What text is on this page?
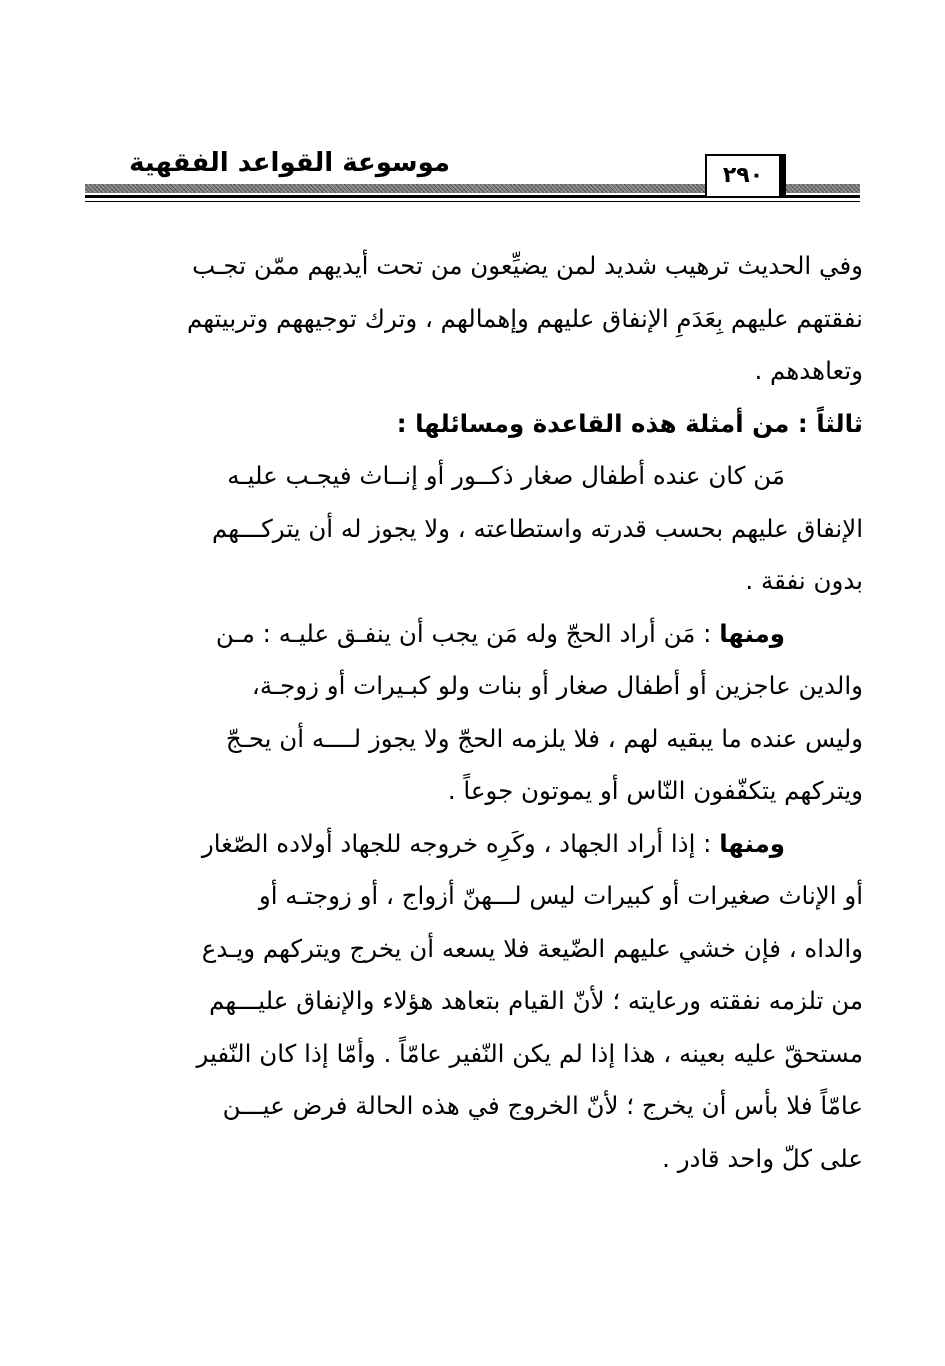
موسوعة القواعد الفقهية	٢٩٠
وفي الحديث ترهيب شديد لمن يضيِّعون من تحت أيديهم ممّن تجـب
نفقتهم عليهم بِعَدَمِ الإنفاق عليهم وإهمالهم ، وترك توجيههم وتربيتهم
وتعاهدهم .
ثالثاً : من أمثلة هذه القاعدة ومسائلها :
مَن كان عنده أطفال صغار ذكــور أو إنــاث فيجـب عليـه
الإنفاق عليهم بحسب قدرته واستطاعته ، ولا يجوز له أن يتركـــهم
بدون نفقة .
ومنها : مَن أراد الحجّ وله مَن يجب أن ينفـق عليـه : مـن
والدين عاجزين أو أطفال صغار أو بنات ولو كبـيرات أو زوجـة،
وليس عنده ما يبقيه لهم ، فلا يلزمه الحجّ ولا يجوز لــــه أن يحـجّ
ويتركهم يتكفّفون النّاس أو يموتون جوعاً .
ومنها : إذا أراد الجهاد ، وكَرِه خروجه للجهاد أولاده الصّغار
أو الإناث صغيرات أو كبيرات ليس لـــهنّ أزواج ، أو زوجتـه أو
والداه ، فإن خشي عليهم الضّيعة فلا يسعه أن يخرج ويتركهم ويـدع
من تلزمه نفقته ورعايته ؛ لأنّ القيام بتعاهد هؤلاء والإنفاق عليـــهم
مستحقّ عليه بعينه ، هذا إذا لم يكن النّفير عامّاً . وأمّا إذا كان النّفير
عامّاً فلا بأس أن يخرج ؛ لأنّ الخروج في هذه الحالة فرض عيـــن
على كلّ واحد قادر .
